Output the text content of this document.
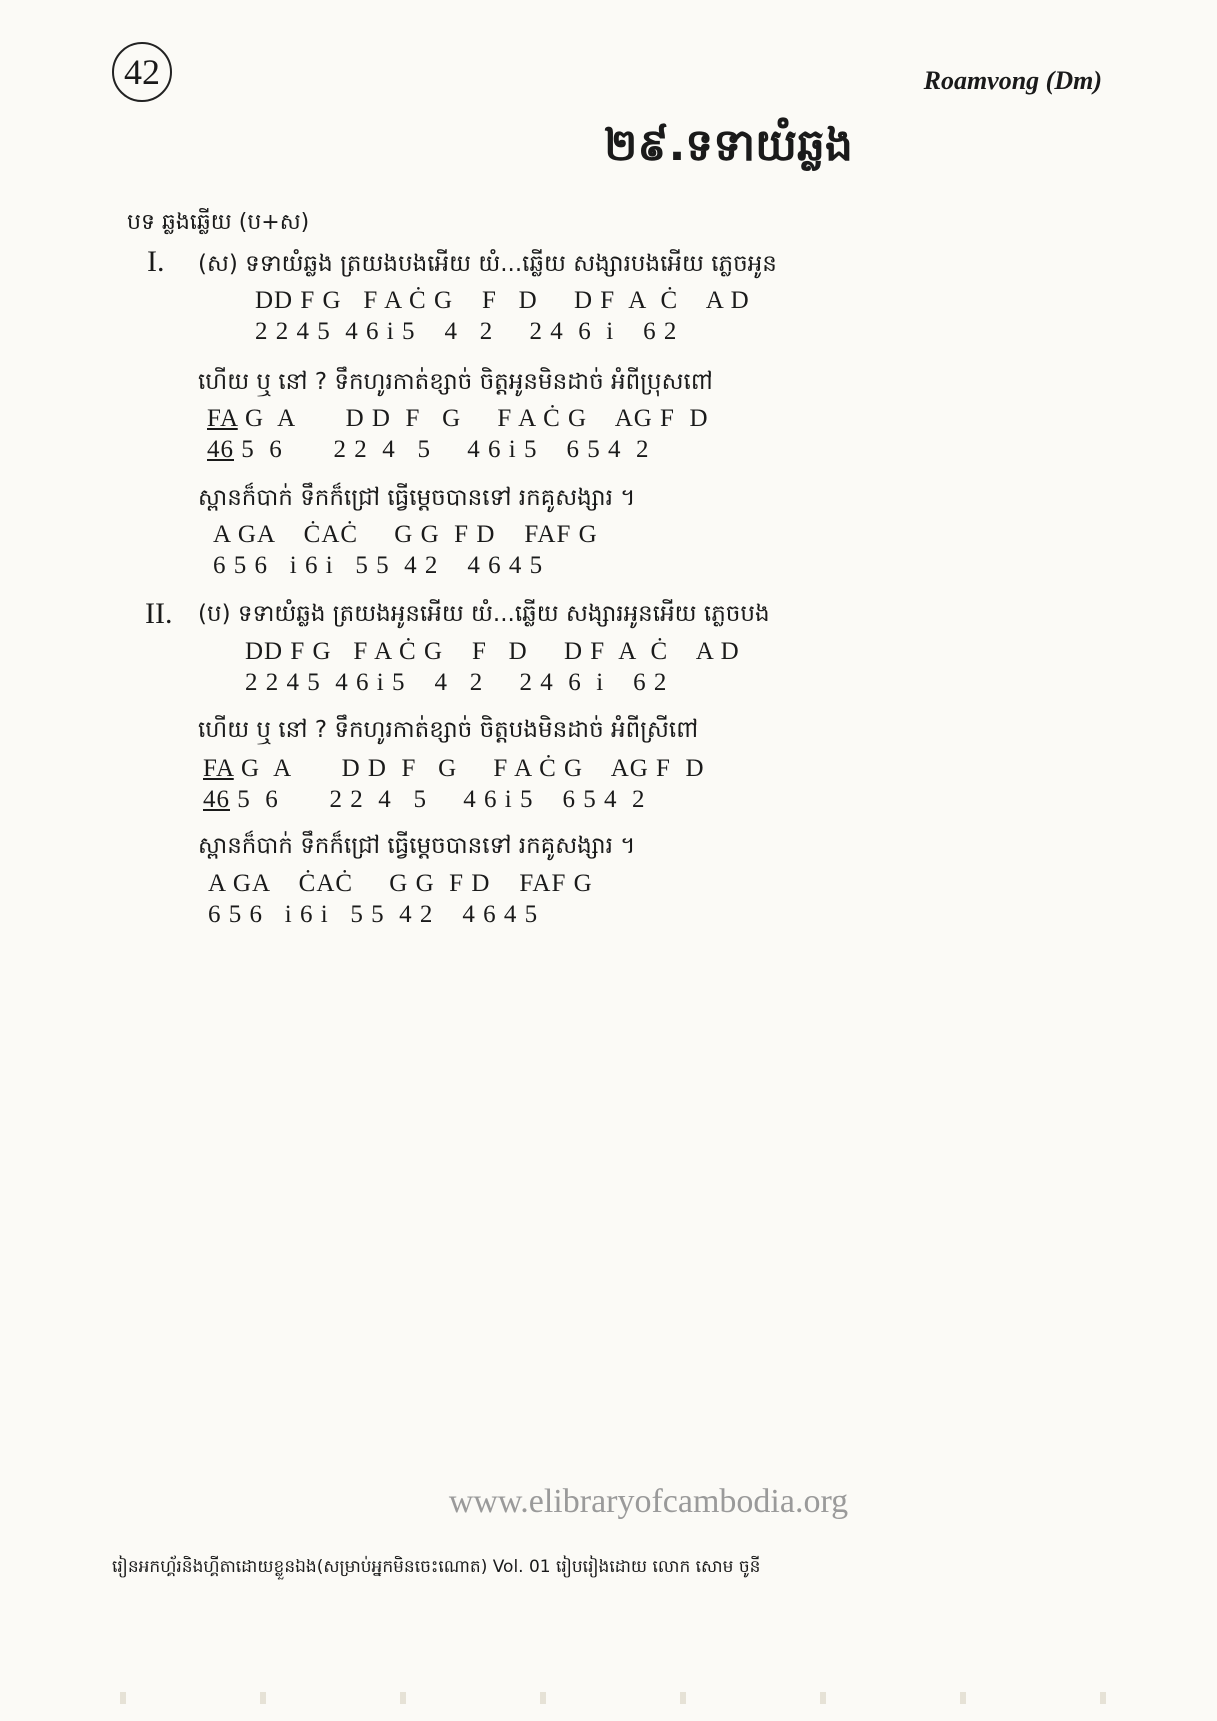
42	Roamvong (Dm)
២៩.ទទាយំឆ្លង
បទ ឆ្លងឆ្លើយ (ប+ស)
I. (ស) ទទាយំឆ្លង ត្រយងបងអើយ យំ...ឆ្លើយ សង្សារបងអើយ ភ្លេចអូន
DD F G   F A Ċ G    F   D     D F  A  Ċ    A D
2 2 4 5  4 6 i 5    4   2     2 4  6  i    6 2
ហើយ ឬ នៅ ? ទឹកហូរកាត់ខ្សាច់ ចិត្តអូនមិនដាច់ អំពីប្រុសពៅ
FA G  A       D D  F   G     F A Ċ G    AG F  D
46 5  6       2 2  4   5     4 6 i 5    6 5 4  2
ស្ពានក៏បាក់ ទឹកក៏ជ្រៅ ធ្វើម្ដេចបានទៅ រកគូសង្សារ ។
A GA    ĊAĊ     G G  F D    FAF G
6 5 6   i 6 i   5 5  4 2    4 6 4 5
II. (ប) ទទាយំឆ្លង ត្រយងអូនអើយ យំ...ឆ្លើយ សង្សារអូនអើយ ភ្លេចបង
DD F G   F A Ċ G    F   D     D F  A  Ċ    A D
2 2 4 5  4 6 i 5    4   2     2 4  6  i    6 2
ហើយ ឬ នៅ ? ទឹកហូរកាត់ខ្សាច់ ចិត្តបងមិនដាច់ អំពីស្រីពៅ
FA G  A       D D  F   G     F A Ċ G    AG F  D
46 5  6       2 2  4   5     4 6 i 5    6 5 4  2
ស្ពានក៏បាក់ ទឹកក៏ជ្រៅ ធ្វើម្ដេចបានទៅ រកគូសង្សារ ។
A GA    ĊAĊ     G G  F D    FAF G
6 5 6   i 6 i   5 5  4 2    4 6 4 5
www.elibraryofcambodia.org
រៀនអកហ្គ័រនិងហ្គីតាដោយខ្លួនឯង(សម្រាប់អ្នកមិនចេះណោត) Vol. 01 រៀបរៀងដោយ លោក សោម ចូនី
